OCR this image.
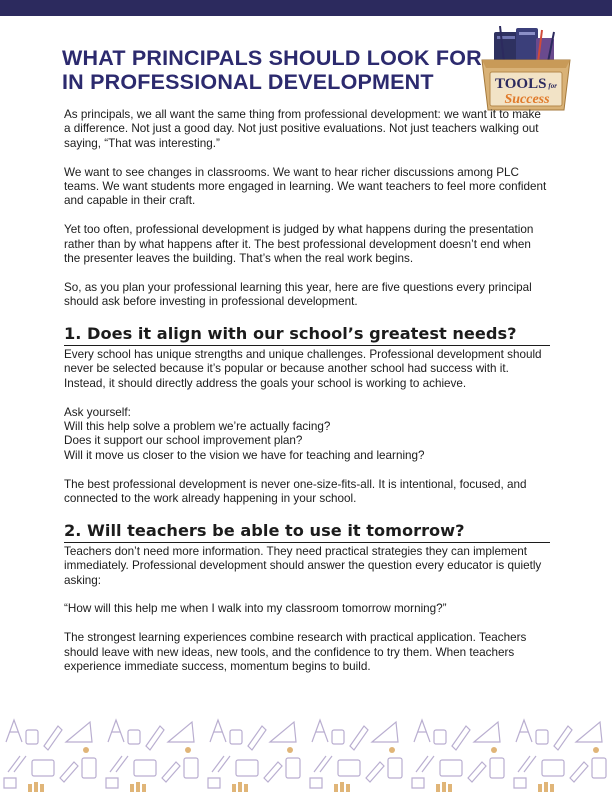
WHAT PRINCIPALS SHOULD LOOK FOR
IN PROFESSIONAL DEVELOPMENT	TOOLS for
Success

As principals, we all want the same thing from professional development: we want it to make a difference. Not just a good day. Not just positive evaluations. Not just teachers walking out saying, “That was interesting.”

We want to see changes in classrooms. We want to hear richer discussions among PLC teams. We want students more engaged in learning. We want teachers to feel more confident and capable in their craft.

Yet too often, professional development is judged by what happens during the presentation rather than by what happens after it. The best professional development doesn’t end when the presenter leaves the building. That’s when the real work begins.

So, as you plan your professional learning this year, here are five questions every principal should ask before investing in professional development.

1. Does it align with our school’s greatest needs?

Every school has unique strengths and unique challenges. Professional development should never be selected because it’s popular or because another school had success with it. Instead, it should directly address the goals your school is working to achieve.

Ask yourself:

Will this help solve a problem we’re actually facing?

Does it support our school improvement plan?

Will it move us closer to the vision we have for teaching and learning?

The best professional development is never one-size-fits-all. It is intentional, focused, and connected to the work already happening in your school.

2. Will teachers be able to use it tomorrow?

Teachers don’t need more information. They need practical strategies they can implement immediately. Professional development should answer the question every educator is quietly asking:

“How will this help me when I walk into my classroom tomorrow morning?”

The strongest learning experiences combine research with practical application. Teachers should leave with new ideas, new tools, and the confidence to try them. When teachers experience immediate success, momentum begins to build.
